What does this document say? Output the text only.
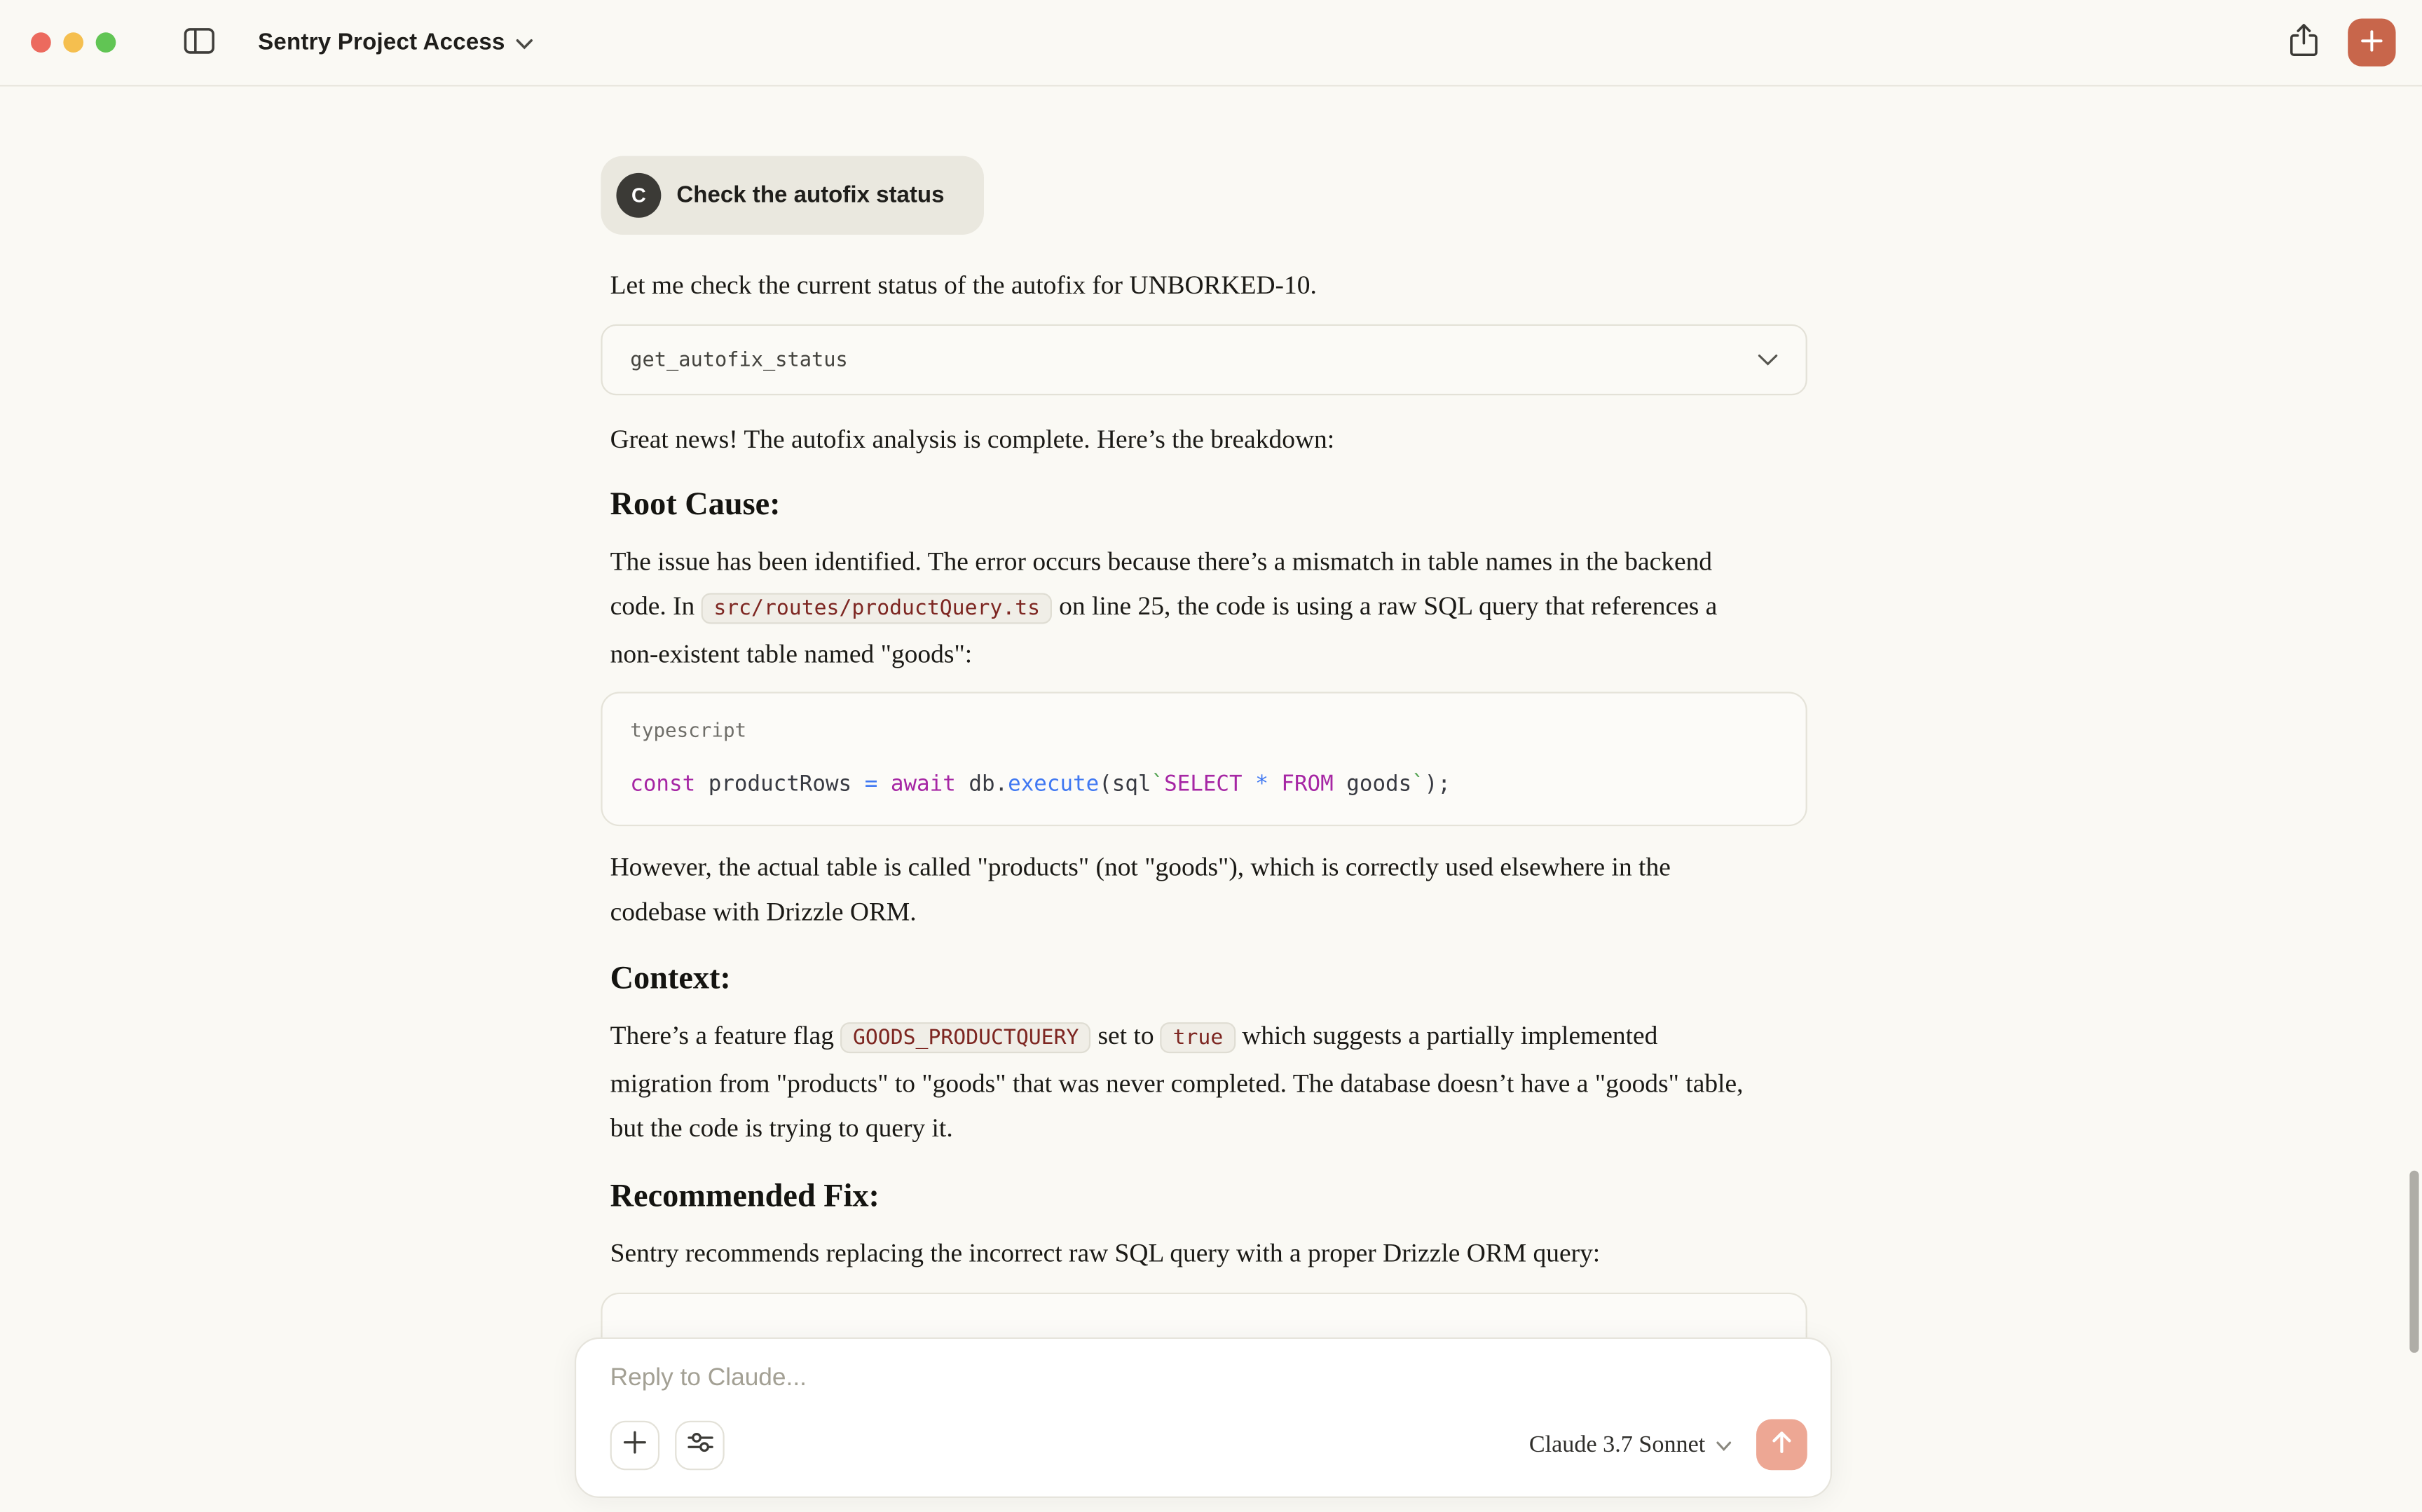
Sentry Project Access
C	Check the autofix status

Let me check the current status of the autofix for UNBORKED-10.

get_autofix_status

Great news! The autofix analysis is complete. Here’s the breakdown:

Root Cause:

The issue has been identified. The error occurs because there’s a mismatch in table names in the backend code. In src/routes/productQuery.ts on line 25, the code is using a raw SQL query that references a non-existent table named "goods":

typescript
const productRows = await db.execute(sql`SELECT * FROM goods`);

However, the actual table is called "products" (not "goods"), which is correctly used elsewhere in the codebase with Drizzle ORM.

Context:

There’s a feature flag GOODS_PRODUCTQUERY set to true which suggests a partially implemented migration from "products" to "goods" that was never completed. The database doesn’t have a "goods" table, but the code is trying to query it.

Recommended Fix:

Sentry recommends replacing the incorrect raw SQL query with a proper Drizzle ORM query:

Reply to Claude...
Claude 3.7 Sonnet
